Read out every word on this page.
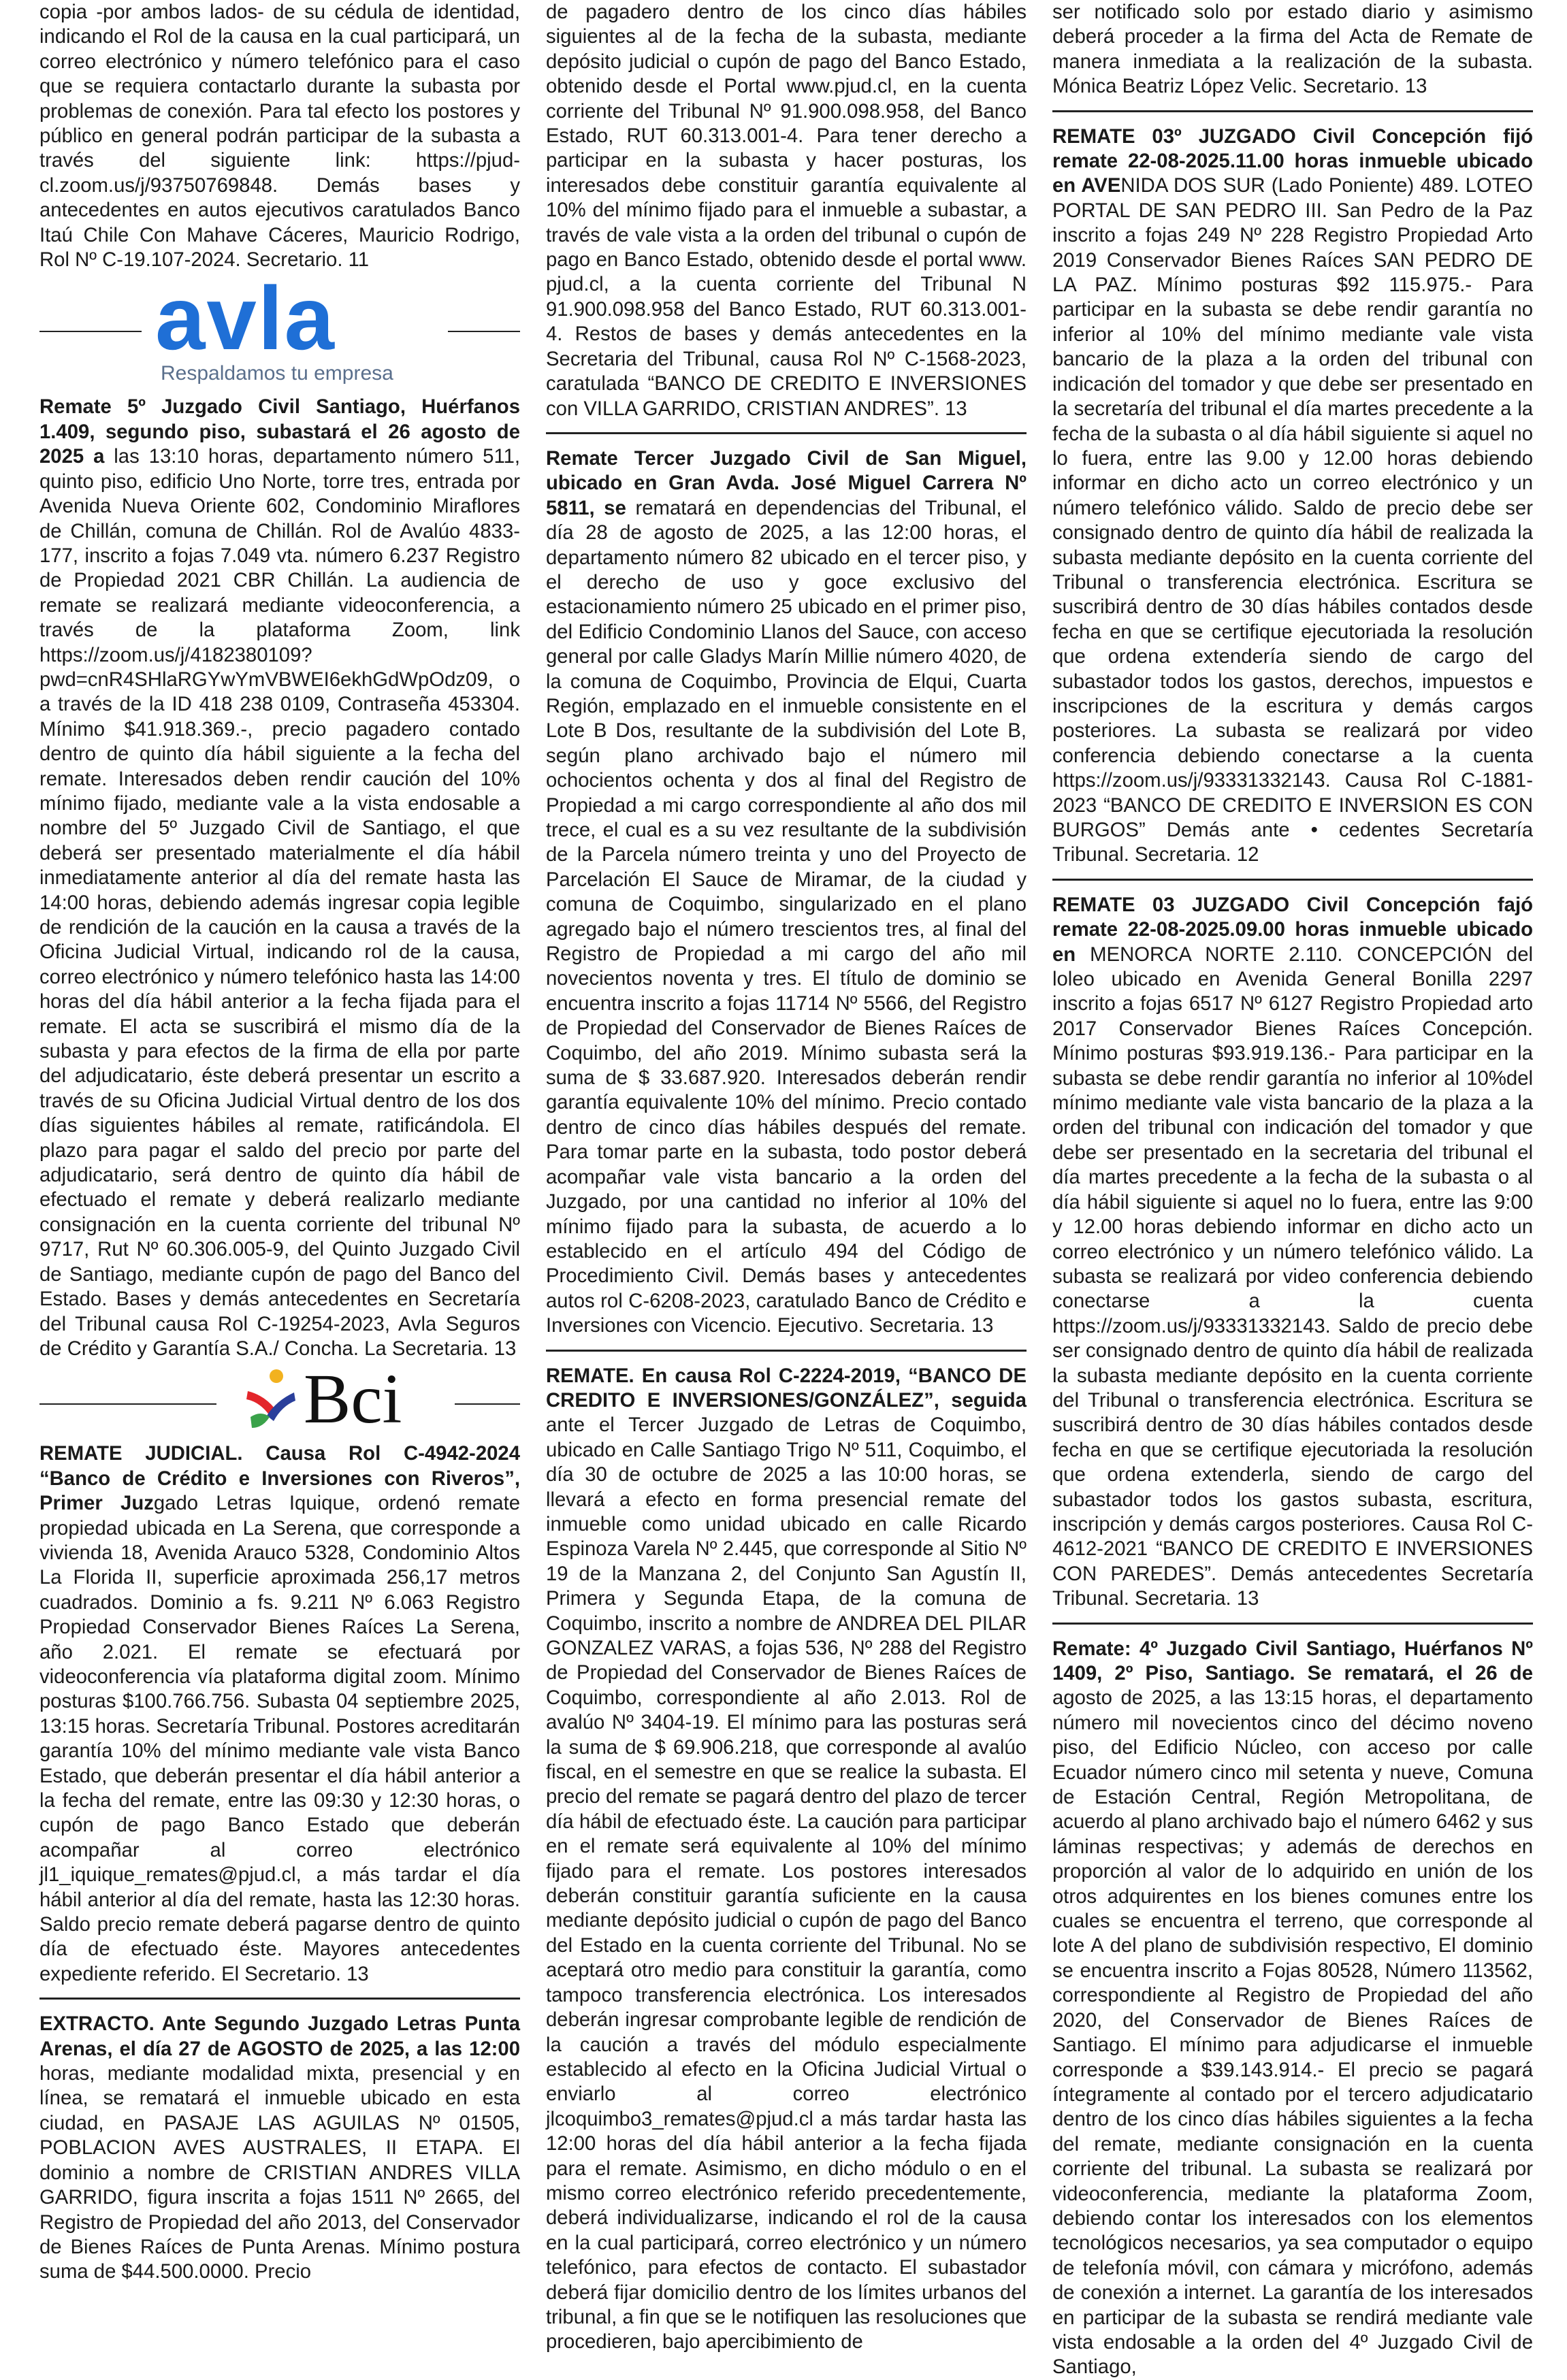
copia -por ambos lados- de su cédula de identidad, indicando el Rol de la causa en la cual participará, un correo electrónico y número telefónico para el caso que se requiera contactarlo durante la subasta por problemas de conexión. Para tal efecto los postores y público en general podrán participar de la subasta a través del siguiente link: https://pjud-cl.zoom.us/j/93750769848. Demás bases y antecedentes en autos ejecutivos caratulados Banco Itaú Chile Con Mahave Cáceres, Mauricio Rodrigo, Rol Nº C-19.107-2024. Secretario. 11

avla
Respaldamos tu empresa

Remate 5º Juzgado Civil Santiago, Huérfanos 1.409, segundo piso, subastará el 26 agosto de 2025 a las 13:10 horas, departamento número 511, quinto piso, edificio Uno Norte, torre tres, entrada por Avenida Nueva Oriente 602, Condominio Miraflores de Chillán, comuna de Chillán. Rol de Avalúo 4833-177, inscrito a fojas 7.049 vta. número 6.237 Registro de Propiedad 2021 CBR Chillán. La audiencia de remate se realizará mediante videoconferencia, a través de la plataforma Zoom, link https://zoom.us/j/4182380109?pwd=cnR4SHlaRGYwYmVBWEI6ekhGdWpOdz09, o a través de la ID 418 238 0109, Contraseña 453304. Mínimo $41.918.369.-, precio pagadero contado dentro de quinto día hábil siguiente a la fecha del remate. Interesados deben rendir caución del 10% mínimo fijado, mediante vale a la vista endosable a nombre del 5º Juzgado Civil de Santiago, el que deberá ser presentado materialmente el día hábil inmediatamente anterior al día del remate hasta las 14:00 horas, debiendo además ingresar copia legible de rendición de la caución en la causa a través de la Oficina Judicial Virtual, indicando rol de la causa, correo electrónico y número telefónico hasta las 14:00 horas del día hábil anterior a la fecha fijada para el remate. El acta se suscribirá el mismo día de la subasta y para efectos de la firma de ella por parte del adjudicatario, éste deberá presentar un escrito a través de su Oficina Judicial Virtual dentro de los dos días siguientes hábiles al remate, ratificándola. El plazo para pagar el saldo del precio por parte del adjudicatario, será dentro de quinto día hábil de efectuado el remate y deberá realizarlo mediante consignación en la cuenta corriente del tribunal Nº 9717, Rut Nº 60.306.005-9, del Quinto Juzgado Civil de Santiago, mediante cupón de pago del Banco del Estado. Bases y demás antecedentes en Secretaría del Tribunal causa Rol C-19254-2023, Avla Seguros de Crédito y Garantía S.A./ Concha. La Secretaria. 13

Bci

REMATE JUDICIAL. Causa Rol C-4942-2024 “Banco de Crédito e Inversiones con Riveros”, Primer Juzgado Letras Iquique, ordenó remate propiedad ubicada en La Serena, que corresponde a vivienda 18, Avenida Arauco 5328, Condominio Altos La Florida II, superficie aproximada 256,17 metros cuadrados. Dominio a fs. 9.211 Nº 6.063 Registro Propiedad Conservador Bienes Raíces La Serena, año 2.021. El remate se efectuará por videoconferencia vía plataforma digital zoom. Mínimo posturas $100.766.756. Subasta 04 septiembre 2025, 13:15 horas. Secretaría Tribunal. Postores acreditarán garantía 10% del mínimo mediante vale vista Banco Estado, que deberán presentar el día hábil anterior a la fecha del remate, entre las 09:30 y 12:30 horas, o cupón de pago Banco Estado que deberán acompañar al correo electrónico jl1_iquique_remates@pjud.cl, a más tardar el día hábil anterior al día del remate, hasta las 12:30 horas. Saldo precio remate deberá pagarse dentro de quinto día de efectuado éste. Mayores antecedentes expediente referido. El Secretario. 13

EXTRACTO. Ante Segundo Juzgado Letras Punta Arenas, el día 27 de AGOSTO de 2025, a las 12:00 horas, mediante modalidad mixta, presencial y en línea, se rematará el inmueble ubicado en esta ciudad, en PASAJE LAS AGUILAS Nº 01505, POBLACION AVES AUSTRALES, II ETAPA. El dominio a nombre de CRISTIAN ANDRES VILLA GARRIDO, figura inscrita a fojas 1511 Nº 2665, del Registro de Propiedad del año 2013, del Conservador de Bienes Raíces de Punta Arenas. Mínimo postura suma de $44.500.0000. Precio

de pagadero dentro de los cinco días hábiles siguientes al de la fecha de la subasta, mediante depósito judicial o cupón de pago del Banco Estado, obtenido desde el Portal www.pjud.cl, en la cuenta corriente del Tribunal Nº 91.900.098.958, del Banco Estado, RUT 60.313.001-4. Para tener derecho a participar en la subasta y hacer posturas, los interesados debe constituir garantía equivalente al 10% del mínimo fijado para el inmueble a subastar, a través de vale vista a la orden del tribunal o cupón de pago en Banco Estado, obtenido desde el portal www. pjud.cl, a la cuenta corriente del Tribunal N 91.900.098.958 del Banco Estado, RUT 60.313.001-4. Restos de bases y demás antecedentes en la Secretaria del Tribunal, causa Rol Nº C-1568-2023, caratulada “BANCO DE CREDITO E INVERSIONES con VILLA GARRIDO, CRISTIAN ANDRES”. 13

Remate Tercer Juzgado Civil de San Miguel, ubicado en Gran Avda. José Miguel Carrera Nº 5811, se rematará en dependencias del Tribunal, el día 28 de agosto de 2025, a las 12:00 horas, el departamento número 82 ubicado en el tercer piso, y el derecho de uso y goce exclusivo del estacionamiento número 25 ubicado en el primer piso, del Edificio Condominio Llanos del Sauce, con acceso general por calle Gladys Marín Millie número 4020, de la comuna de Coquimbo, Provincia de Elqui, Cuarta Región, emplazado en el inmueble consistente en el Lote B Dos, resultante de la subdivisión del Lote B, según plano archivado bajo el número mil ochocientos ochenta y dos al final del Registro de Propiedad a mi cargo correspondiente al año dos mil trece, el cual es a su vez resultante de la subdivisión de la Parcela número treinta y uno del Proyecto de Parcelación El Sauce de Miramar, de la ciudad y comuna de Coquimbo, singularizado en el plano agregado bajo el número trescientos tres, al final del Registro de Propiedad a mi cargo del año mil novecientos noventa y tres. El título de dominio se encuentra inscrito a fojas 11714 Nº 5566, del Registro de Propiedad del Conservador de Bienes Raíces de Coquimbo, del año 2019. Mínimo subasta será la suma de $ 33.687.920. Interesados deberán rendir garantía equivalente 10% del mínimo. Precio contado dentro de cinco días hábiles después del remate. Para tomar parte en la subasta, todo postor deberá acompañar vale vista bancario a la orden del Juzgado, por una cantidad no inferior al 10% del mínimo fijado para la subasta, de acuerdo a lo establecido en el artículo 494 del Código de Procedimiento Civil. Demás bases y antecedentes autos rol C-6208-2023, caratulado Banco de Crédito e Inversiones con Vicencio. Ejecutivo. Secretaria. 13

REMATE. En causa Rol C-2224-2019, “BANCO DE CREDITO E INVERSIONES/GONZÁLEZ”, seguida ante el Tercer Juzgado de Letras de Coquimbo, ubicado en Calle Santiago Trigo Nº 511, Coquimbo, el día 30 de octubre de 2025 a las 10:00 horas, se llevará a efecto en forma presencial remate del inmueble como unidad ubicado en calle Ricardo Espinoza Varela Nº 2.445, que corresponde al Sitio Nº 19 de la Manzana 2, del Conjunto San Agustín II, Primera y Segunda Etapa, de la comuna de Coquimbo, inscrito a nombre de ANDREA DEL PILAR GONZALEZ VARAS, a fojas 536, Nº 288 del Registro de Propiedad del Conservador de Bienes Raíces de Coquimbo, correspondiente al año 2.013. Rol de avalúo Nº 3404-19. El mínimo para las posturas será la suma de $ 69.906.218, que corresponde al avalúo fiscal, en el semestre en que se realice la subasta. El precio del remate se pagará dentro del plazo de tercer día hábil de efectuado éste. La caución para participar en el remate será equivalente al 10% del mínimo fijado para el remate. Los postores interesados deberán constituir garantía suficiente en la causa mediante depósito judicial o cupón de pago del Banco del Estado en la cuenta corriente del Tribunal. No se aceptará otro medio para constituir la garantía, como tampoco transferencia electrónica. Los interesados deberán ingresar comprobante legible de rendición de la caución a través del módulo especialmente establecido al efecto en la Oficina Judicial Virtual o enviarlo al correo electrónico jlcoquimbo3_remates@pjud.cl a más tardar hasta las 12:00 horas del día hábil anterior a la fecha fijada para el remate. Asimismo, en dicho módulo o en el mismo correo electrónico referido precedentemente, deberá individualizarse, indicando el rol de la causa en la cual participará, correo electrónico y un número telefónico, para efectos de contacto. El subastador deberá fijar domicilio dentro de los límites urbanos del tribunal, a fin que se le notifiquen las resoluciones que procedieren, bajo apercibimiento de

ser notificado solo por estado diario y asimismo deberá proceder a la firma del Acta de Remate de manera inmediata a la realización de la subasta. Mónica Beatriz López Velic. Secretario. 13

REMATE 03º JUZGADO Civil Concepción fijó remate 22-08-2025.11.00 horas inmueble ubicado en AVENIDA DOS SUR (Lado Poniente) 489. LOTEO PORTAL DE SAN PEDRO III. San Pedro de la Paz inscrito a fojas 249 Nº 228 Registro Propiedad Arto 2019 Conservador Bienes Raíces SAN PEDRO DE LA PAZ. Mínimo posturas $92 115.975.- Para participar en la subasta se debe rendir garantía no inferior al 10% del mínimo mediante vale vista bancario de la plaza a la orden del tribunal con indicación del tomador y que debe ser presentado en la secretaría del tribunal el día martes precedente a la fecha de la subasta o al día hábil siguiente si aquel no lo fuera, entre las 9.00 y 12.00 horas debiendo informar en dicho acto un correo electrónico y un número telefónico válido. Saldo de precio debe ser consignado dentro de quinto día hábil de realizada la subasta mediante depósito en la cuenta corriente del Tribunal o transferencia electrónica. Escritura se suscribirá dentro de 30 días hábiles contados desde fecha en que se certifique ejecutoriada la resolución que ordena extendería siendo de cargo del subastador todos los gastos, derechos, impuestos e inscripciones de la escritura y demás cargos posteriores. La subasta se realizará por video conferencia debiendo conectarse a la cuenta https://zoom.us/j/93331332143. Causa Rol C-1881-2023 “BANCO DE CREDITO E INVERSION ES CON BURGOS” Demás ante • cedentes Secretaría Tribunal. Secretaria. 12

REMATE 03 JUZGADO Civil Concepción fajó remate 22-08-2025.09.00 horas inmueble ubicado en MENORCA NORTE 2.110. CONCEPCIÓN del loleo ubicado en Avenida General Bonilla 2297 inscrito a fojas 6517 Nº 6127 Registro Propiedad arto 2017 Conservador Bienes Raíces Concepción. Mínimo posturas $93.919.136.- Para participar en la subasta se debe rendir garantía no inferior al 10%del mínimo mediante vale vista bancario de la plaza a la orden del tribunal con indicación del tomador y que debe ser presentado en la secretaria del tribunal el día martes precedente a la fecha de la subasta o al día hábil siguiente si aquel no lo fuera, entre las 9:00 y 12.00 horas debiendo informar en dicho acto un correo electrónico y un número telefónico válido. La subasta se realizará por video conferencia debiendo conectarse a la cuenta https://zoom.us/j/93331332143. Saldo de precio debe ser consignado dentro de quinto día hábil de realizada la subasta mediante depósito en la cuenta corriente del Tribunal o transferencia electrónica. Escritura se suscribirá dentro de 30 días hábiles contados desde fecha en que se certifique ejecutoriada la resolución que ordena extenderla, siendo de cargo del subastador todos los gastos subasta, escritura, inscripción y demás cargos posteriores. Causa Rol C-4612-2021 “BANCO DE CREDITO E INVERSIONES CON PAREDES”. Demás antecedentes Secretaría Tribunal. Secretaria. 13

Remate: 4º Juzgado Civil Santiago, Huérfanos Nº 1409, 2º Piso, Santiago. Se rematará, el 26 de agosto de 2025, a las 13:15 horas, el departamento número mil novecientos cinco del décimo noveno piso, del Edificio Núcleo, con acceso por calle Ecuador número cinco mil setenta y nueve, Comuna de Estación Central, Región Metropolitana, de acuerdo al plano archivado bajo el número 6462 y sus láminas respectivas; y además de derechos en proporción al valor de lo adquirido en unión de los otros adquirentes en los bienes comunes entre los cuales se encuentra el terreno, que corresponde al lote A del plano de subdivisión respectivo, El dominio se encuentra inscrito a Fojas 80528, Número 113562, correspondiente al Registro de Propiedad del año 2020, del Conservador de Bienes Raíces de Santiago. El mínimo para adjudicarse el inmueble corresponde a $39.143.914.- El precio se pagará íntegramente al contado por el tercero adjudicatario dentro de los cinco días hábiles siguientes a la fecha del remate, mediante consignación en la cuenta corriente del tribunal. La subasta se realizará por videoconferencia, mediante la plataforma Zoom, debiendo contar los interesados con los elementos tecnológicos necesarios, ya sea computador o equipo de telefonía móvil, con cámara y micrófono, además de conexión a internet. La garantía de los interesados en participar de la subasta se rendirá mediante vale vista endosable a la orden del 4º Juzgado Civil de Santiago,
